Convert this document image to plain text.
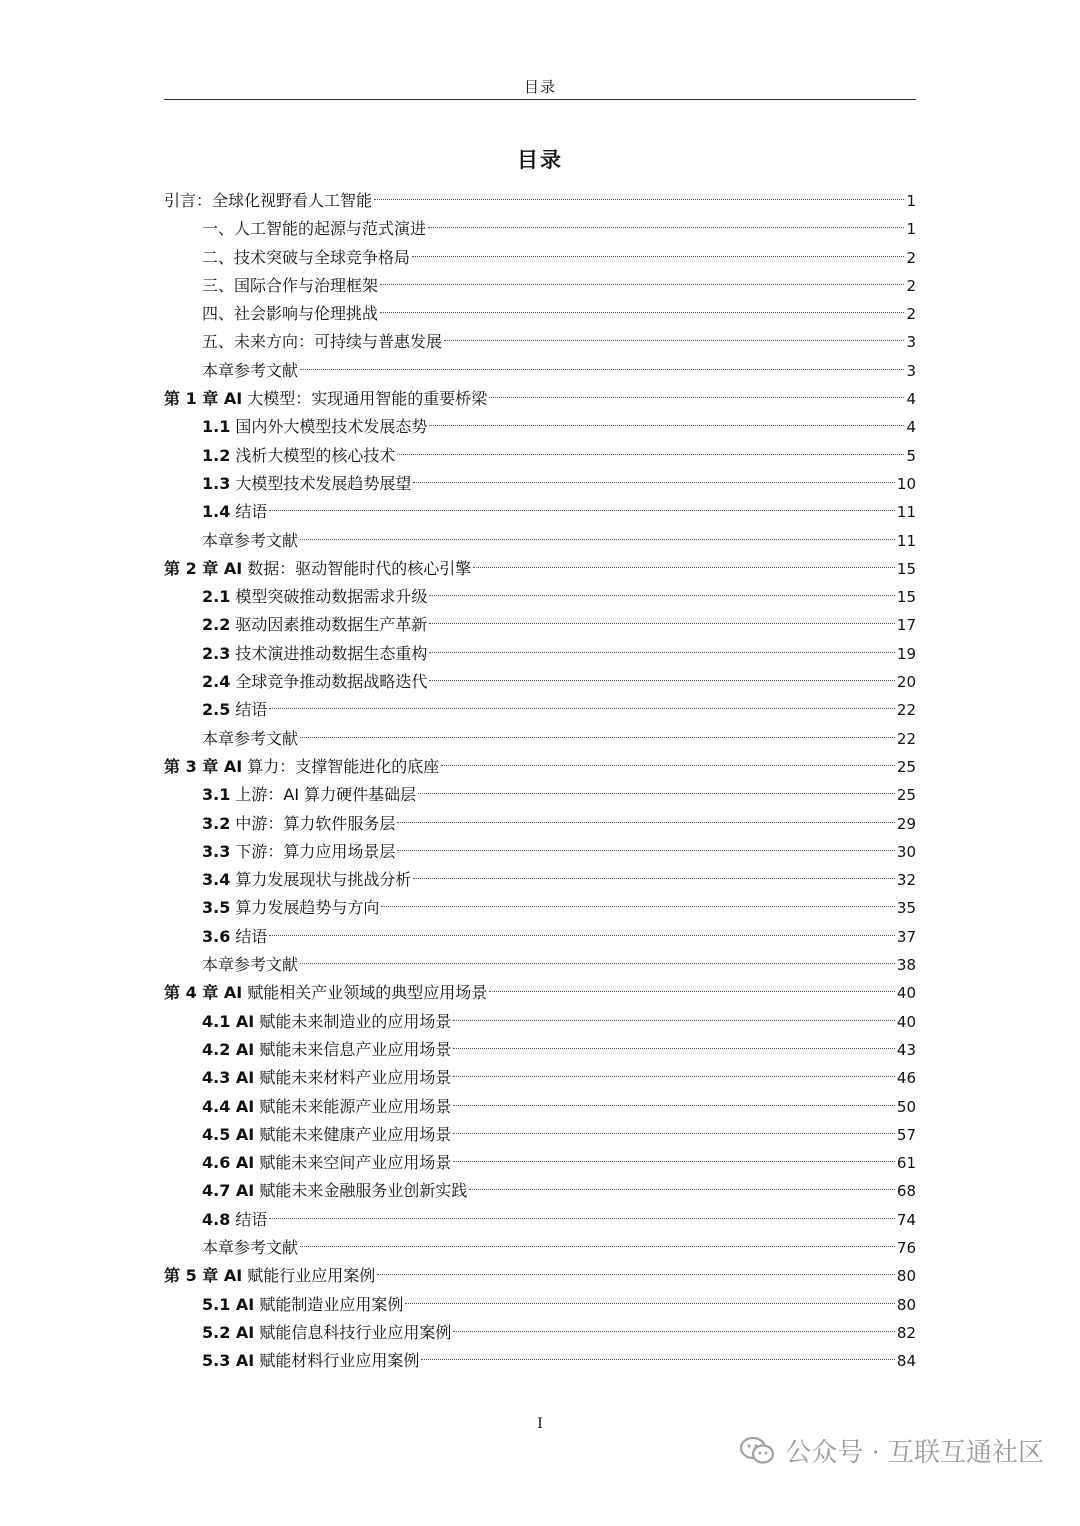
目录
目录
引言：全球化视野看人工智能	1
一、人工智能的起源与范式演进	1
二、技术突破与全球竞争格局	2
三、国际合作与治理框架	2
四、社会影响与伦理挑战	2
五、未来方向：可持续与普惠发展	3
本章参考文献	3
第 1 章 AI 大模型：实现通用智能的重要桥梁	4
1.1 国内外大模型技术发展态势	4
1.2 浅析大模型的核心技术	5
1.3 大模型技术发展趋势展望	10
1.4 结语	11
本章参考文献	11
第 2 章 AI 数据：驱动智能时代的核心引擎	15
2.1 模型突破推动数据需求升级	15
2.2 驱动因素推动数据生产革新	17
2.3 技术演进推动数据生态重构	19
2.4 全球竞争推动数据战略迭代	20
2.5 结语	22
本章参考文献	22
第 3 章 AI 算力：支撑智能进化的底座	25
3.1 上游：AI 算力硬件基础层	25
3.2 中游：算力软件服务层	29
3.3 下游：算力应用场景层	30
3.4 算力发展现状与挑战分析	32
3.5 算力发展趋势与方向	35
3.6 结语	37
本章参考文献	38
第 4 章 AI 赋能相关产业领域的典型应用场景	40
4.1 AI 赋能未来制造业的应用场景	40
4.2 AI 赋能未来信息产业应用场景	43
4.3 AI 赋能未来材料产业应用场景	46
4.4 AI 赋能未来能源产业应用场景	50
4.5 AI 赋能未来健康产业应用场景	57
4.6 AI 赋能未来空间产业应用场景	61
4.7 AI 赋能未来金融服务业创新实践	68
4.8 结语	74
本章参考文献	76
第 5 章 AI 赋能行业应用案例	80
5.1 AI 赋能制造业应用案例	80
5.2 AI 赋能信息科技行业应用案例	82
5.3 AI 赋能材料行业应用案例	84
I
公众号 · 互联互通社区
